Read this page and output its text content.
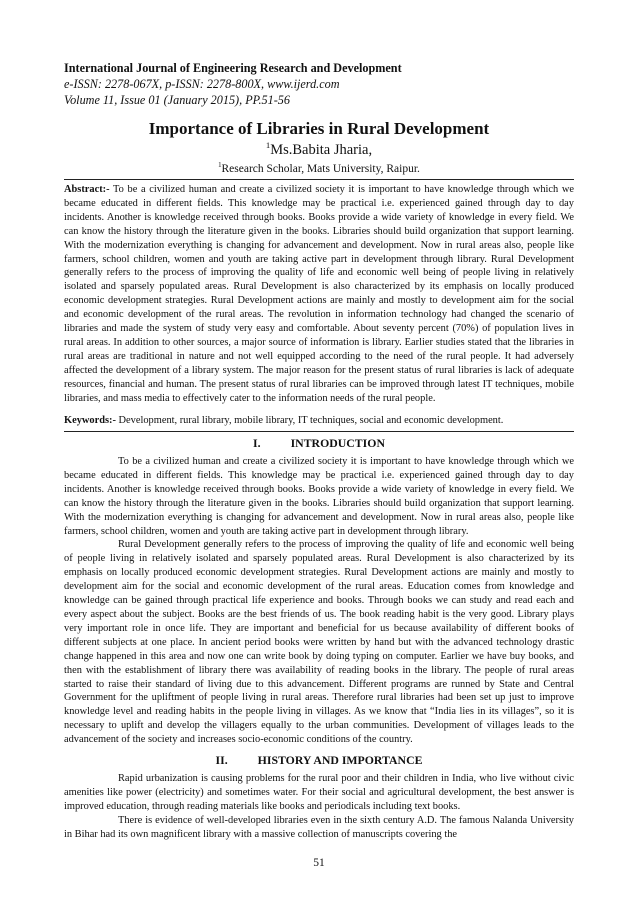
International Journal of Engineering Research and Development
e-ISSN: 2278-067X, p-ISSN: 2278-800X, www.ijerd.com
Volume 11, Issue 01 (January 2015), PP.51-56
Importance of Libraries in Rural Development
$^1$Ms.Babita Jharia,
$^1$Research Scholar, Mats University, Raipur.

Abstract:- To be a civilized human and create a civilized society it is important to have knowledge through which we became educated in different fields. This knowledge may be practical i.e. experienced gained through day to day incidents. Another is knowledge received through books. Books provide a wide variety of knowledge in every field. We can know the history through the literature given in the books. Libraries should build organization that support learning. With the modernization everything is changing for advancement and development. Now in rural areas also, people like farmers, school children, women and youth are taking active part in development through library. Rural Development generally refers to the process of improving the quality of life and economic well being of people living in relatively isolated and sparsely populated areas. Rural Development is also characterized by its emphasis on locally produced economic development strategies. Rural Development actions are mainly and mostly to development aim for the social and economic development of the rural areas. The revolution in information technology had changed the scenario of libraries and made the system of study very easy and comfortable. About seventy percent (70%) of population lives in rural areas. In addition to other sources, a major source of information is library. Earlier studies stated that the libraries in rural areas are traditional in nature and not well equipped according to the need of the rural people. It had adversely affected the development of a library system. The major reason for the present status of rural libraries is lack of adequate resources, financial and human. The present status of rural libraries can be improved through latest IT techniques, mobile libraries, and mass media to effectively cater to the information needs of the rural people.

Keywords:- Development, rural library, mobile library, IT techniques, social and economic development.

I.	INTRODUCTION

To be a civilized human and create a civilized society it is important to have knowledge through which we became educated in different fields. This knowledge may be practical i.e. experienced gained through day to day incidents. Another is knowledge received through books. Books provide a wide variety of knowledge in every field. We can know the history through the literature given in the books. Libraries should build organization that support learning. With the modernization everything is changing for advancement and development. Now in rural areas also, people like farmers, school children, women and youth are taking active part in development through library.

Rural Development generally refers to the process of improving the quality of life and economic well being of people living in relatively isolated and sparsely populated areas. Rural Development is also characterized by its emphasis on locally produced economic development strategies. Rural Development actions are mainly and mostly to development aim for the social and economic development of the rural areas. Education comes from knowledge and knowledge can be gained through practical life experience and books. Through books we can study and read each and every aspect about the subject. Books are the best friends of us. The book reading habit is the very good. Library plays very important role in once life. They are important and beneficial for us because availability of different books of different subjects at one place. In ancient period books were written by hand but with the advanced technology drastic change happened in this area and now one can write book by doing typing on computer. Earlier we have buy books, and then with the establishment of library there was availability of reading books in the library. The people of rural areas started to raise their standard of living due to this advancement. Different programs are runned by State and Central Government for the upliftment of people living in rural areas. Therefore rural libraries had been set up just to improve knowledge level and reading habits in the people living in villages. As we know that “India lies in its villages”, so it is necessary to uplift and develop the villagers equally to the urban communities. Development of villages leads to the advancement of the society and increases socio-economic conditions of the country.

II.	HISTORY AND IMPORTANCE

Rapid urbanization is causing problems for the rural poor and their children in India, who live without civic amenities like power (electricity) and sometimes water. For their social and agricultural development, the best answer is improved education, through reading materials like books and periodicals including text books.

There is evidence of well-developed libraries even in the sixth century A.D. The famous Nalanda University in Bihar had its own magnificent library with a massive collection of manuscripts covering the

51
